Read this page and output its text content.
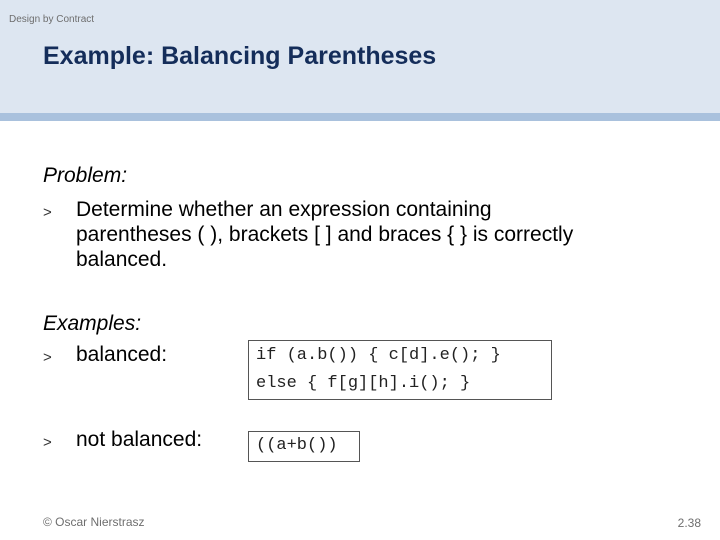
Design by Contract
Example: Balancing Parentheses
Problem:
> Determine whether an expression containing
parentheses ( ), brackets [ ] and braces { } is correctly
balanced.
Examples:
> balanced:	if (a.b()) { c[d].e(); }
else { f[g][h].i(); }
> not balanced:	((a+b())
© Oscar Nierstrasz	2.38
